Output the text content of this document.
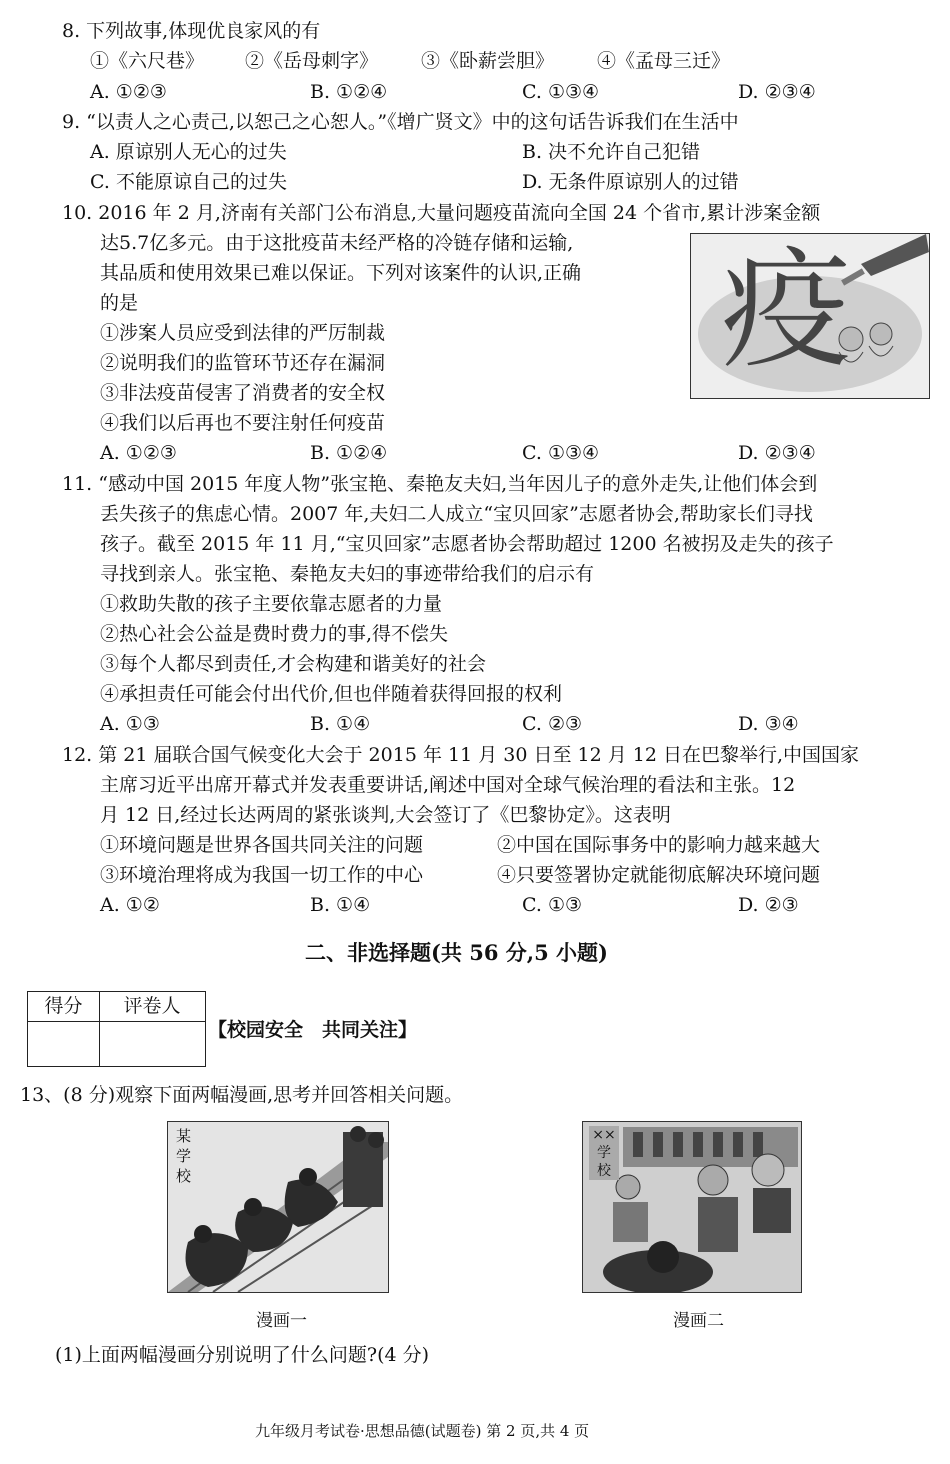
8. 下列故事,体现优良家风的有
①《六尺巷》 ②《岳母刺字》 ③《卧薪尝胆》 ④《孟母三迁》
A. ①②③	B. ①②④	C. ①③④	D. ②③④
9. “以责人之心责己,以恕己之心恕人。”《增广贤文》中的这句话告诉我们在生活中
A. 原谅别人无心的过失	B. 决不允许自己犯错
C. 不能原谅自己的过失	D. 无条件原谅别人的过错
10. 2016 年 2 月,济南有关部门公布消息,大量问题疫苗流向全国 24 个省市,累计涉案金额
达5.7亿多元。由于这批疫苗未经严格的冷链存储和运输,
其品质和使用效果已难以保证。下列对该案件的认识,正确
的是
①涉案人员应受到法律的严厉制裁
②说明我们的监管环节还存在漏洞
③非法疫苗侵害了消费者的安全权
④我们以后再也不要注射任何疫苗
疫
A. ①②③	B. ①②④	C. ①③④	D. ②③④
11. “感动中国 2015 年度人物”张宝艳、秦艳友夫妇,当年因儿子的意外走失,让他们体会到
丢失孩子的焦虑心情。2007 年,夫妇二人成立“宝贝回家”志愿者协会,帮助家长们寻找
孩子。截至 2015 年 11 月,“宝贝回家”志愿者协会帮助超过 1200 名被拐及走失的孩子
寻找到亲人。张宝艳、秦艳友夫妇的事迹带给我们的启示有
①救助失散的孩子主要依靠志愿者的力量
②热心社会公益是费时费力的事,得不偿失
③每个人都尽到责任,才会构建和谐美好的社会
④承担责任可能会付出代价,但也伴随着获得回报的权利
A. ①③	B. ①④	C. ②③	D. ③④
12. 第 21 届联合国气候变化大会于 2015 年 11 月 30 日至 12 月 12 日在巴黎举行,中国国家
主席习近平出席开幕式并发表重要讲话,阐述中国对全球气候治理的看法和主张。12
月 12 日,经过长达两周的紧张谈判,大会签订了《巴黎协定》。这表明
①环境问题是世界各国共同关注的问题	②中国在国际事务中的影响力越来越大
③环境治理将成为我国一切工作的中心	④只要签署协定就能彻底解决环境问题
A. ①②	B. ①④	C. ①③	D. ②③
二、非选择题(共 56 分,5 小题)
得分	评卷人
【校园安全　共同关注】
13、(8 分)观察下面两幅漫画,思考并回答相关问题。
某
学
校
漫画一
××
学
校
漫画二
(1)上面两幅漫画分别说明了什么问题?(4 分)
九年级月考试卷·思想品德(试题卷) 第 2 页,共 4 页
